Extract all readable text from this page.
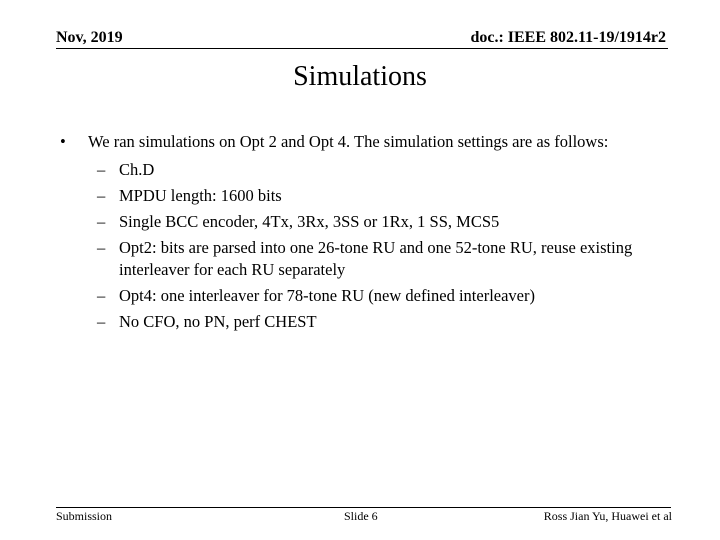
Nov, 2019	doc.: IEEE 802.11-19/1914r2
Simulations
•	We ran simulations on Opt 2 and Opt 4. The simulation settings are as follows:
– Ch.D
– MPDU length: 1600 bits
– Single BCC encoder, 4Tx, 3Rx, 3SS or 1Rx, 1 SS, MCS5
– Opt2: bits are parsed into one 26-tone RU and one 52-tone RU, reuse existing interleaver for each RU separately
– Opt4: one interleaver for 78-tone RU (new defined interleaver)
– No CFO, no PN, perf CHEST
Submission	Slide 6	Ross Jian Yu, Huawei et al
